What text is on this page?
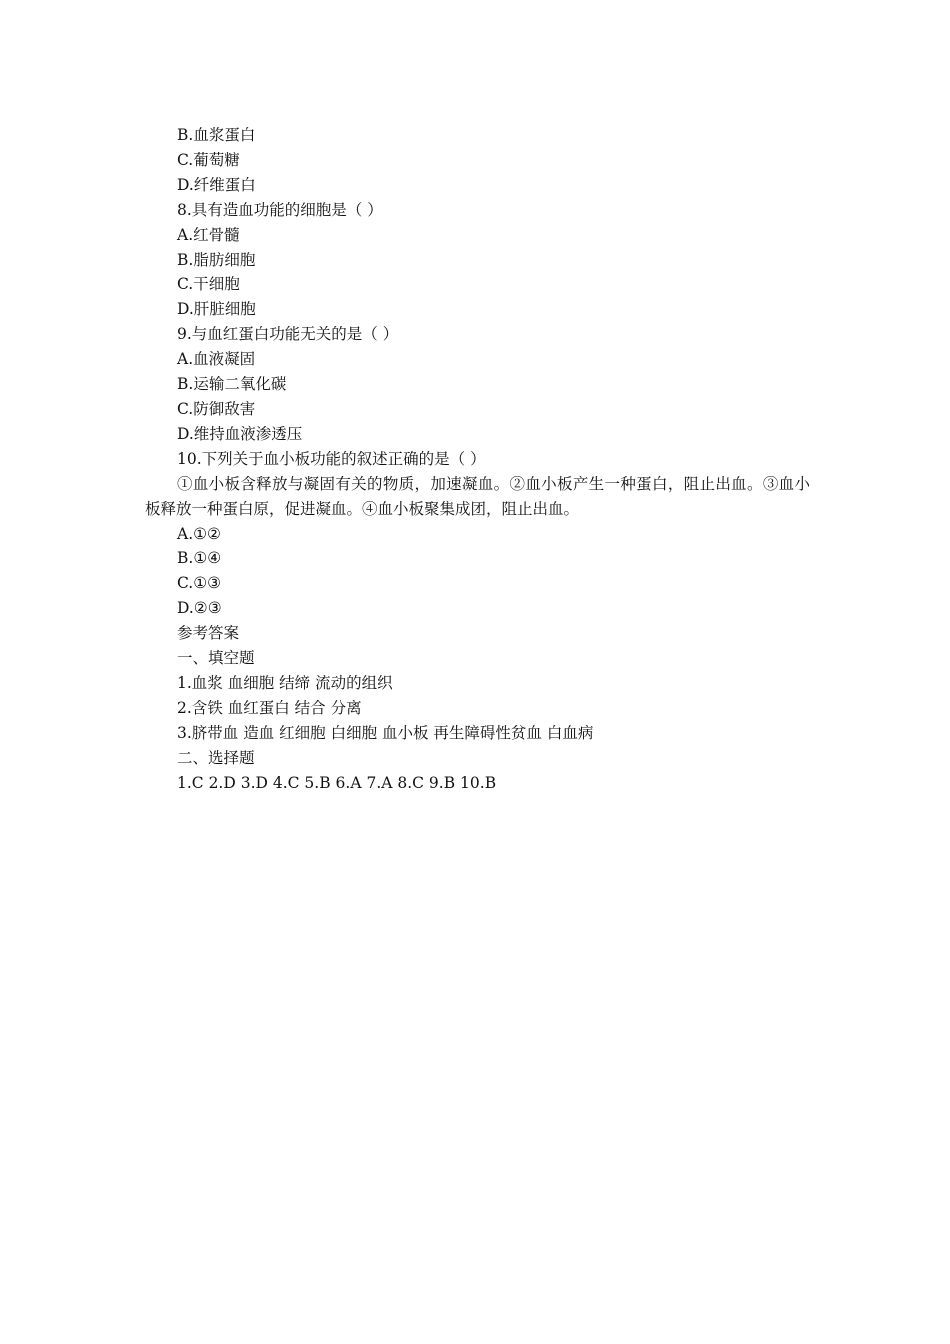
B.血浆蛋白
C.葡萄糖
D.纤维蛋白
8.具有造血功能的细胞是（ ）
A.红骨髓
B.脂肪细胞
C.干细胞
D.肝脏细胞
9.与血红蛋白功能无关的是（ ）
A.血液凝固
B.运输二氧化碳
C.防御敌害
D.维持血液渗透压
10.下列关于血小板功能的叙述正确的是（ ）
①血小板含释放与凝固有关的物质，加速凝血。②血小板产生一种蛋白，阻止出血。③血小板释放一种蛋白原，促进凝血。④血小板聚集成团，阻止出血。
A.①②
B.①④
C.①③
D.②③
参考答案
一、填空题
1.血浆 血细胞 结缔 流动的组织
2.含铁 血红蛋白 结合 分离
3.脐带血 造血 红细胞 白细胞 血小板 再生障碍性贫血 白血病
二、选择题
1.C 2.D 3.D 4.C 5.B 6.A 7.A 8.C 9.B 10.B
